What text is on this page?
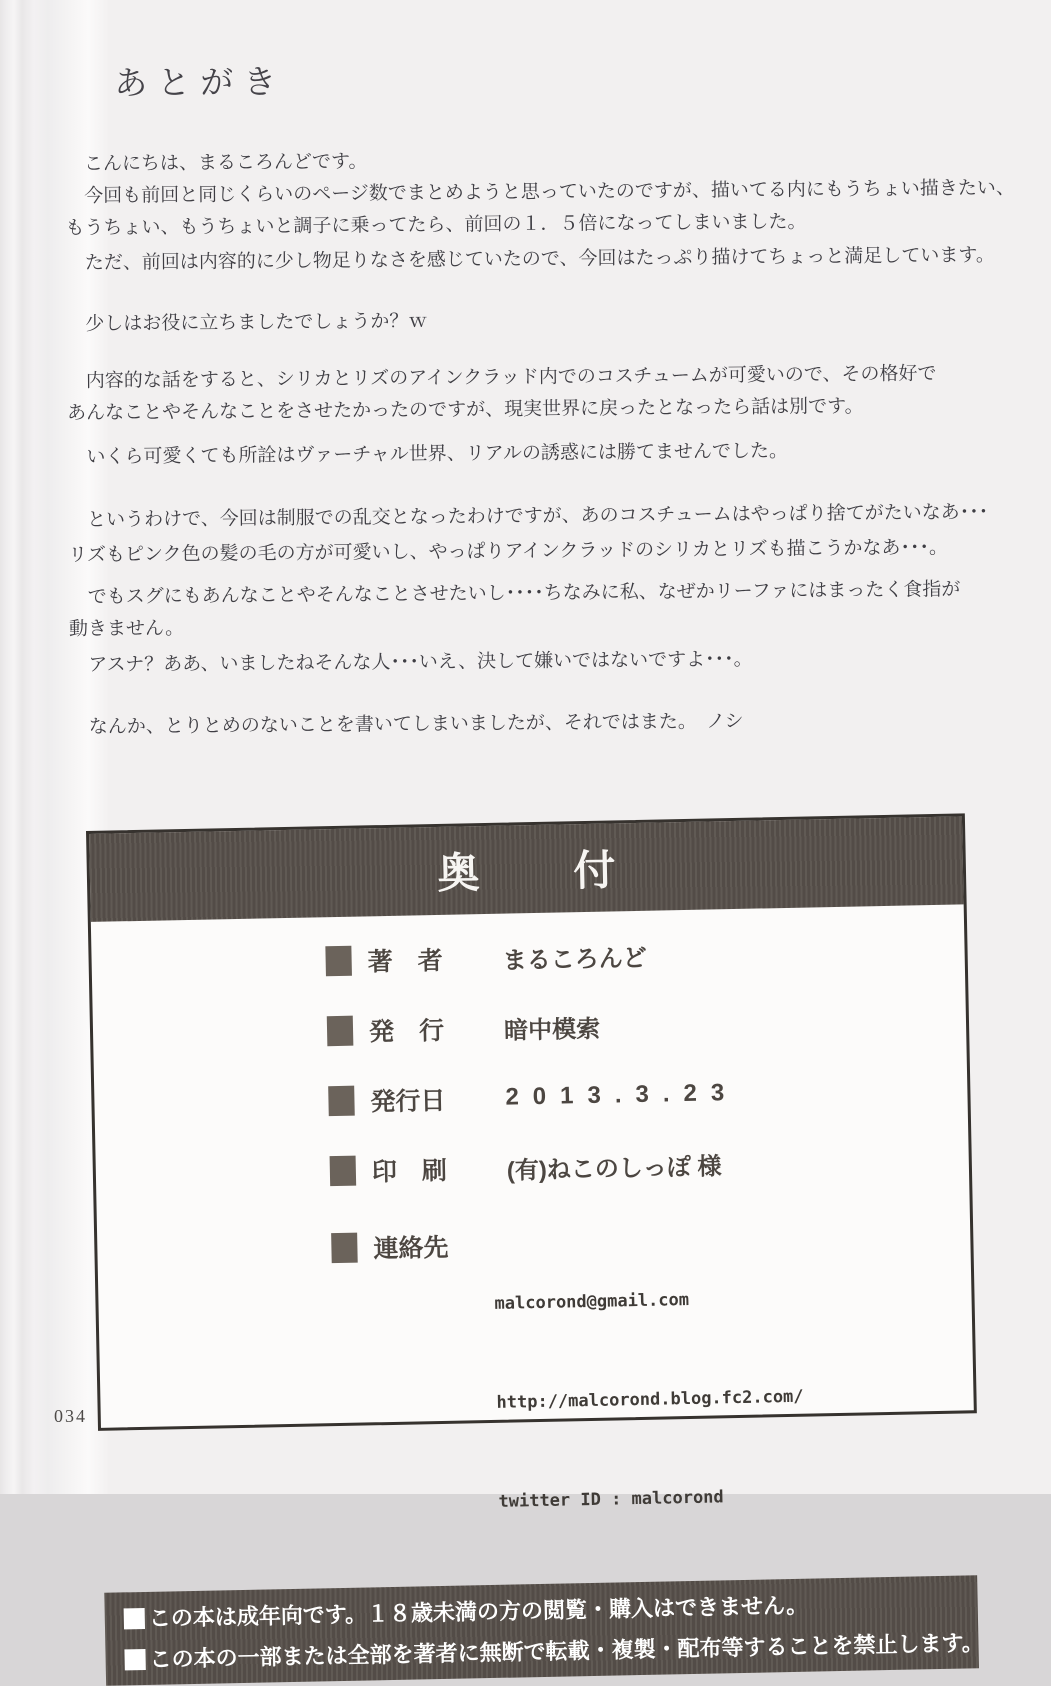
あとがき
　こんにちは、まるころんどです。
　今回も前回と同じくらいのページ数でまとめようと思っていたのですが、描いてる内にもうちょい描きたい、
もうちょい、もうちょいと調子に乗ってたら、前回の１．５倍になってしまいました。
　ただ、前回は内容的に少し物足りなさを感じていたので、今回はたっぷり描けてちょっと満足しています。
　少しはお役に立ちましたでしょうか？ｗ
　内容的な話をすると、シリカとリズのアインクラッド内でのコスチュームが可愛いので、その格好で
あんなことやそんなことをさせたかったのですが、現実世界に戻ったとなったら話は別です。
　いくら可愛くても所詮はヴァーチャル世界、リアルの誘惑には勝てませんでした。
　というわけで、今回は制服での乱交となったわけですが、あのコスチュームはやっぱり捨てがたいなあ･･･
リズもピンク色の髪の毛の方が可愛いし、やっぱりアインクラッドのシリカとリズも描こうかなあ･･･。
　でもスグにもあんなことやそんなことさせたいし････ちなみに私、なぜかリーファにはまったく食指が
動きません。
　アスナ？ああ、いましたねそんな人･･･いえ、決して嫌いではないですよ･･･。
　なんか、とりとめのないことを書いてしまいましたが、それではまた。　ノシ
奥　付
著　者	まるころんど
発　行	暗中模索
発行日	2013.3.23
印　刷	(有)ねこのしっぽ 様
連絡先

malcorond@gmail.com

http://malcorond.blog.fc2.com/

twitter ID : malcorond

この本は成年向です。１８歳未満の方の閲覧・購入はできません。
この本の一部または全部を著者に無断で転載・複製・配布等することを禁止します。
034
